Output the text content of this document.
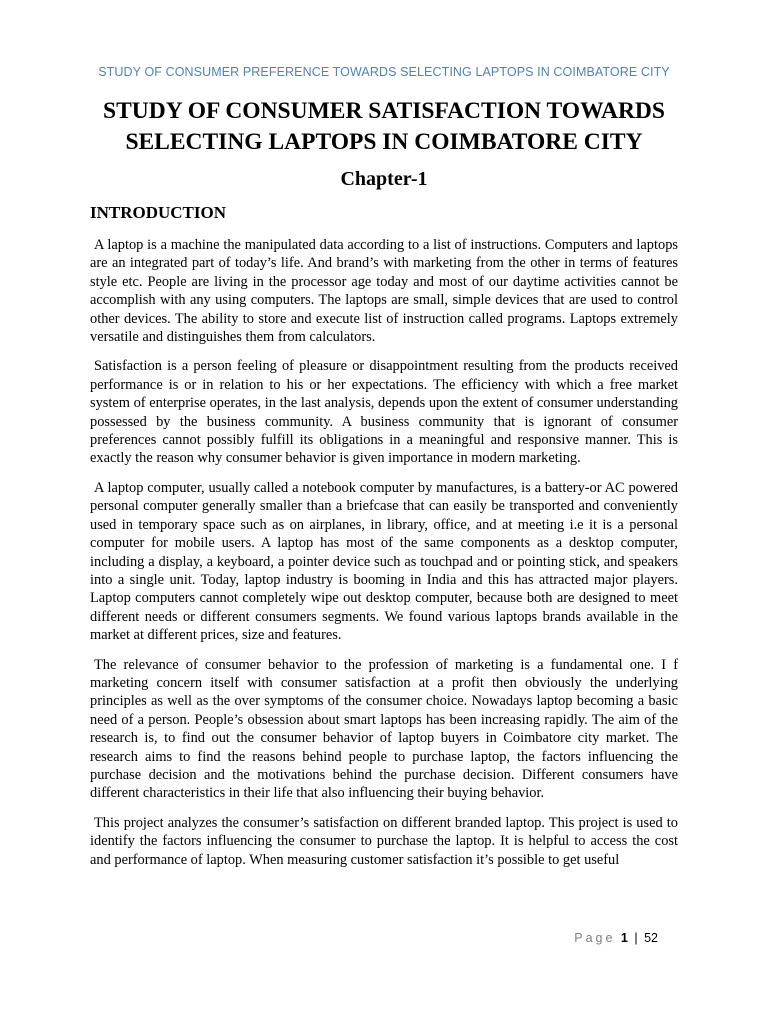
STUDY OF CONSUMER PREFERENCE TOWARDS SELECTING LAPTOPS IN COIMBATORE CITY
STUDY OF CONSUMER SATISFACTION TOWARDS SELECTING LAPTOPS IN COIMBATORE CITY
Chapter-1
INTRODUCTION

A laptop is a machine the manipulated data according to a list of instructions. Computers and laptops are an integrated part of today’s life. And brand’s with marketing from the other in terms of features style etc. People are living in the processor age today and most of our daytime activities cannot be accomplish with any using computers. The laptops are small, simple devices that are used to control other devices. The ability to store and execute list of instruction called programs. Laptops extremely versatile and distinguishes them from calculators.

Satisfaction is a person feeling of pleasure or disappointment resulting from the products received performance is or in relation to his or her expectations. The efficiency with which a free market system of enterprise operates, in the last analysis, depends upon the extent of consumer understanding possessed by the business community. A business community that is ignorant of consumer preferences cannot possibly fulfill its obligations in a meaningful and responsive manner. This is exactly the reason why consumer behavior is given importance in modern marketing.

A laptop computer, usually called a notebook computer by manufactures, is a battery-or AC powered personal computer generally smaller than a briefcase that can easily be transported and conveniently used in temporary space such as on airplanes, in library, office, and at meeting i.e it is a personal computer for mobile users. A laptop has most of the same components as a desktop computer, including a display, a keyboard, a pointer device such as touchpad and or pointing stick, and speakers into a single unit. Today, laptop industry is booming in India and this has attracted major players. Laptop computers cannot completely wipe out desktop computer, because both are designed to meet different needs or different consumers segments. We found various laptops brands available in the market at different prices, size and features.

The relevance of consumer behavior to the profession of marketing is a fundamental one. I f marketing concern itself with consumer satisfaction at a profit then obviously the underlying principles as well as the over symptoms of the consumer choice. Nowadays laptop becoming a basic need of a person. People’s obsession about smart laptops has been increasing rapidly. The aim of the research is, to find out the consumer behavior of laptop buyers in Coimbatore city market. The research aims to find the reasons behind people to purchase laptop, the factors influencing the purchase decision and the motivations behind the purchase decision. Different consumers have different characteristics in their life that also influencing their buying behavior.

This project analyzes the consumer’s satisfaction on different branded laptop. This project is used to identify the factors influencing the consumer to purchase the laptop. It is helpful to access the cost and performance of laptop. When measuring customer satisfaction it’s possible to get useful

Page 1 | 52
